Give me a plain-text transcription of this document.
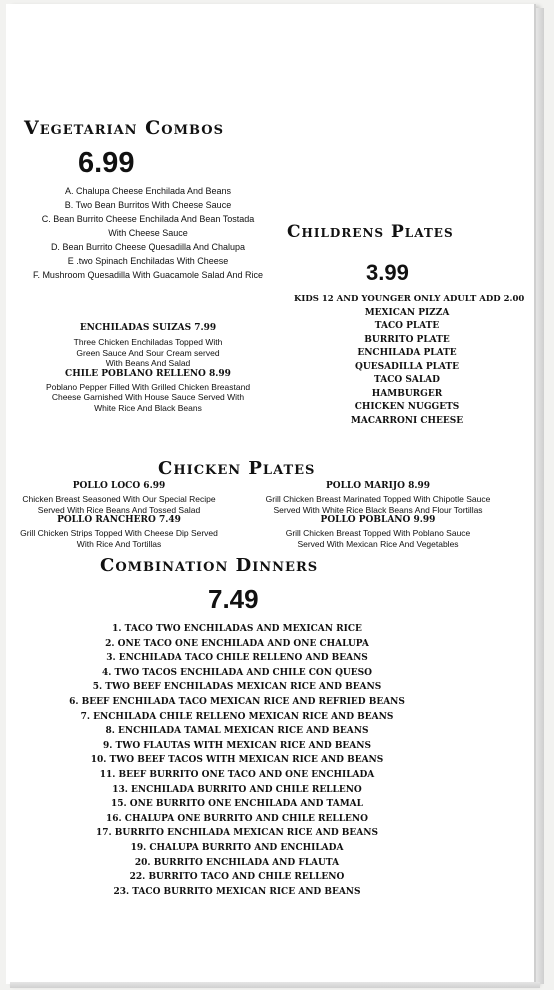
Vegetarian Combos
6.99
A. Chalupa Cheese Enchilada And Beans
B. Two Bean Burritos With Cheese Sauce
C. Bean Burrito Cheese Enchilada And Bean Tostada
With Cheese Sauce
D. Bean Burrito Cheese Quesadilla And Chalupa
E .two Spinach Enchiladas With Cheese
F. Mushroom Quesadilla With Guacamole Salad And Rice
ENCHILADAS SUIZAS 7.99
Three Chicken Enchiladas Topped With
Green Sauce And Sour Cream served
With Beans And Salad
CHILE POBLANO RELLENO 8.99
Poblano Pepper Filled With Grilled Chicken Breastand
Cheese Garnished With House Sauce Served With
White Rice And Black Beans
Childrens Plates
3.99
KIDS 12 AND YOUNGER ONLY ADULT ADD 2.00
MEXICAN PIZZA
TACO PLATE
BURRITO PLATE
ENCHILADA PLATE
QUESADILLA PLATE
TACO SALAD
HAMBURGER
CHICKEN NUGGETS
MACARRONI CHEESE
Chicken Plates
POLLO LOCO 6.99
Chicken Breast Seasoned With Our Special Recipe
Served With Rice Beans And Tossed Salad
POLLO RANCHERO 7.49
Grill Chicken Strips Topped With Cheese Dip Served
With Rice And Tortillas
POLLO MARIJO 8.99
Grill Chicken Breast Marinated Topped With Chipotle Sauce
Served With White Rice Black Beans And Flour Tortillas
POLLO POBLANO 9.99
Grill Chicken Breast Topped With Poblano Sauce
Served With Mexican Rice And Vegetables
Combination Dinners
7.49
1. TACO TWO ENCHILADAS AND MEXICAN RICE
2. ONE TACO ONE ENCHILADA AND ONE CHALUPA
3. ENCHILADA TACO CHILE RELLENO AND BEANS
4. TWO TACOS ENCHILADA AND CHILE CON QUESO
5. TWO BEEF ENCHILADAS MEXICAN RICE AND BEANS
6. BEEF ENCHILADA TACO MEXICAN RICE AND REFRIED BEANS
7. ENCHILADA CHILE RELLENO MEXICAN RICE AND BEANS
8. ENCHILADA TAMAL MEXICAN RICE AND BEANS
9. TWO FLAUTAS WITH MEXICAN RICE AND BEANS
10. TWO BEEF TACOS WITH MEXICAN RICE AND BEANS
11. BEEF BURRITO ONE TACO AND ONE ENCHILADA
13. ENCHILADA BURRITO AND CHILE RELLENO
15. ONE BURRITO ONE ENCHILADA AND TAMAL
16. CHALUPA ONE BURRITO AND CHILE RELLENO
17. BURRITO ENCHILADA MEXICAN RICE AND BEANS
19. CHALUPA BURRITO AND ENCHILADA
20. BURRITO ENCHILADA AND FLAUTA
22. BURRITO TACO AND CHILE RELLENO
23. TACO BURRITO MEXICAN RICE AND BEANS
